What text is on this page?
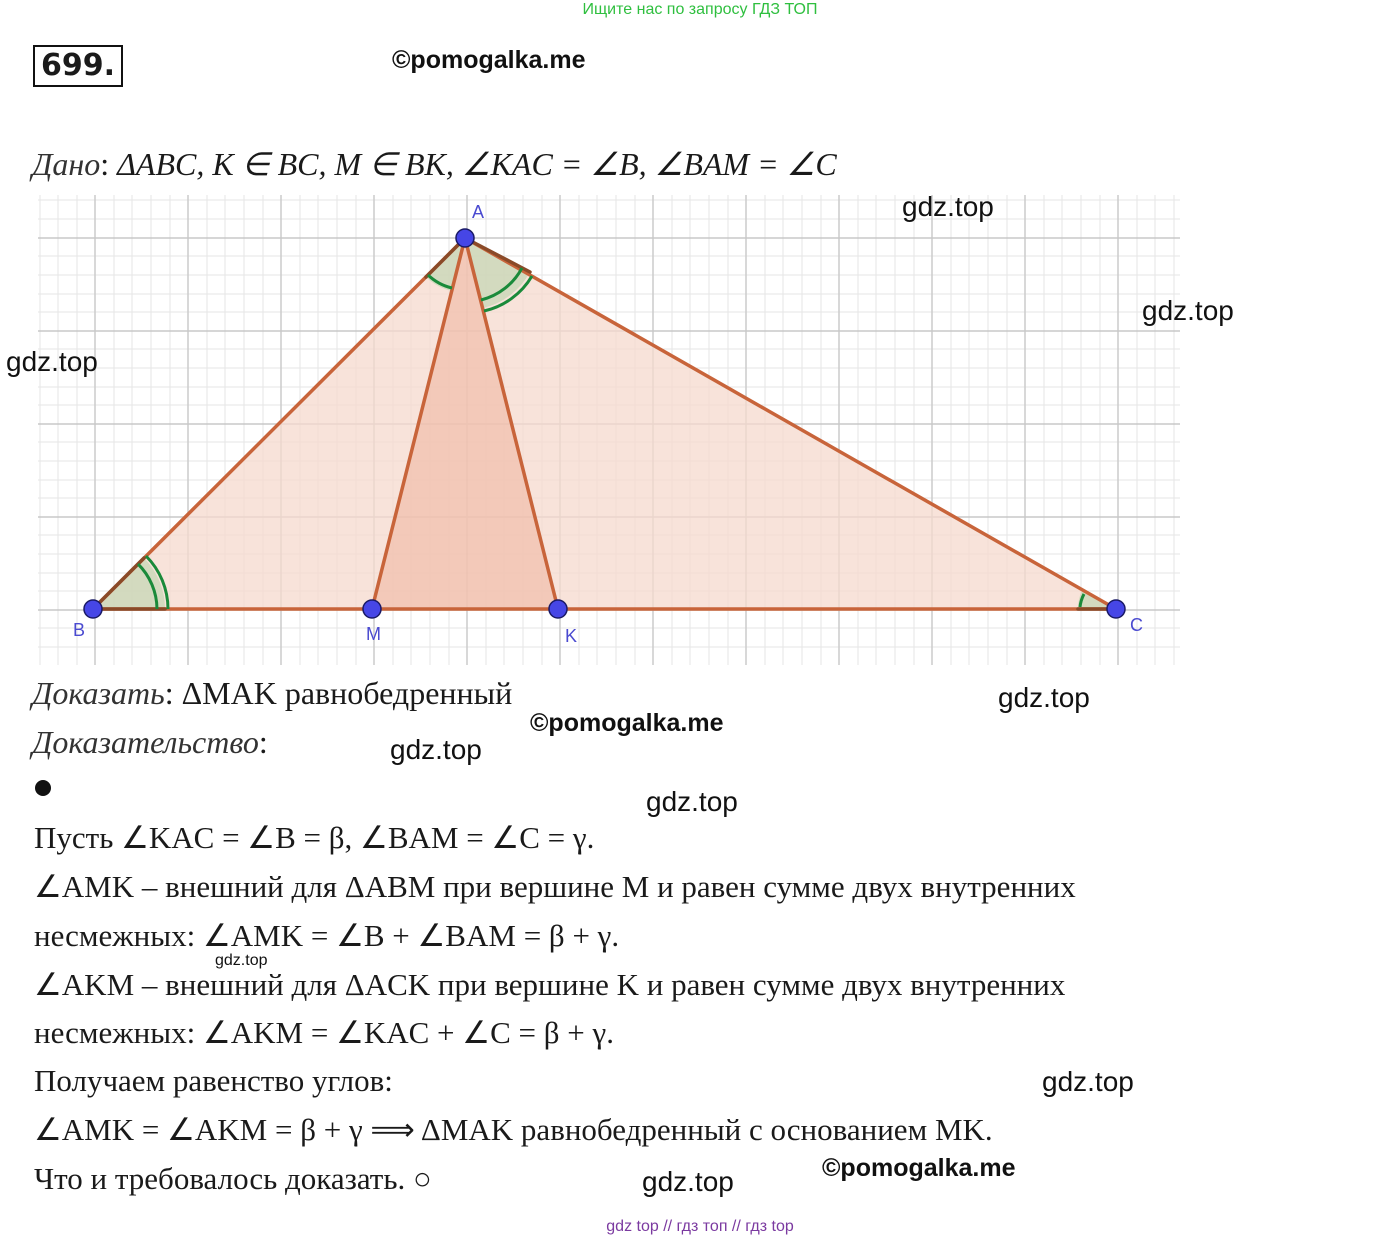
Ищите нас по запросу ГДЗ ТОП
699.	©pomogalka.me
Дано: ΔABC, K ∈ BC, M ∈ BK, ∠KAC = ∠B, ∠BAM = ∠C
A
B	M	K
C
gdz.top
gdz.top
gdz.top
Доказать: ΔMAK равнобедренный	gdz.top
©pomogalka.me
Доказательство:	gdz.top
gdz.top
Пусть ∠KAC = ∠B = β, ∠BAM = ∠C = γ.
∠AMK – внешний для ΔABM при вершине M и равен сумме двух внутренних
несмежных: ∠AMK = ∠B + ∠BAM = β + γ.
gdz.top
∠AKM – внешний для ΔACK при вершине K и равен сумме двух внутренних
несмежных: ∠AKM = ∠KAC + ∠C = β + γ.
Получаем равенство углов:	gdz.top
∠AMK = ∠AKM = β + γ ⟹ ΔMAK равнобедренный с основанием MK.
©pomogalka.me
Что и требовалось доказать. ○	gdz.top
gdz top // гдз топ // гдз top
